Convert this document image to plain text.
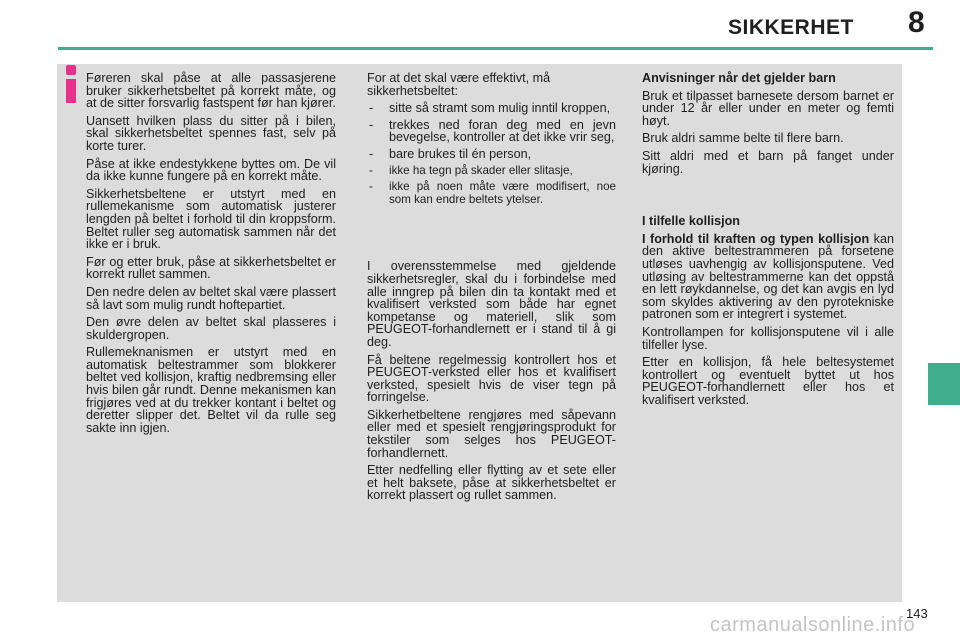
SIKKERHET 8

Føreren skal påse at alle passasjerene bruker sikkerhetsbeltet på korrekt måte, og at de sitter forsvarlig fastspent før han kjører.

Uansett hvilken plass du sitter på i bilen, skal sikkerhetsbeltet spennes fast, selv på korte turer.

Påse at ikke endestykkene byttes om. De vil da ikke kunne fungere på en korrekt måte.

Sikkerhetsbeltene er utstyrt med en rullemekanisme som automatisk justerer lengden på beltet i forhold til din kroppsform. Beltet ruller seg automatisk sammen når det ikke er i bruk.

Før og etter bruk, påse at sikkerhetsbeltet er korrekt rullet sammen.

Den nedre delen av beltet skal være plassert så lavt som mulig rundt hoftepartiet.

Den øvre delen av beltet skal plasseres i skuldergropen.

Rullemeknanismen er utstyrt med en automatisk beltestrammer som blokkerer beltet ved kollisjon, kraftig nedbremsing eller hvis bilen går rundt. Denne mekanismen kan frigjøres ved at du trekker kontant i beltet og deretter slipper det. Beltet vil da rulle seg sakte inn igjen.

For at det skal være effektivt, må sikkerhetsbeltet:

- sitte så stramt som mulig inntil kroppen,
- trekkes ned foran deg med en jevn bevegelse, kontroller at det ikke vrir seg,
- bare brukes til én person,
- ikke ha tegn på skader eller slitasje,
- ikke på noen måte være modifisert, noe som kan endre beltets ytelser.

I overensstemmelse med gjeldende sikkerhetsregler, skal du i forbindelse med alle inngrep på bilen din ta kontakt med et kvalifisert verksted som både har egnet kompetanse og materiell, slik som PEUGEOT-forhandlernett er i stand til å gi deg.

Få beltene regelmessig kontrollert hos et PEUGEOT-verksted eller hos et kvalifisert verksted, spesielt hvis de viser tegn på forringelse.

Sikkerhetbeltene rengjøres med såpevann eller med et spesielt rengjøringsprodukt for tekstiler som selges hos PEUGEOT-forhandlernett.

Etter nedfelling eller flytting av et sete eller et helt baksete, påse at sikkerhetsbeltet er korrekt plassert og rullet sammen.

Anvisninger når det gjelder barn

Bruk et tilpasset barnesete dersom barnet er under 12 år eller under en meter og femti høyt.

Bruk aldri samme belte til flere barn.

Sitt aldri med et barn på fanget under kjøring.

I tilfelle kollisjon

I forhold til kraften og typen kollisjon kan den aktive beltestrammeren på forsetene utløses uavhengig av kollisjonsputene. Ved utløsing av beltestrammerne kan det oppstå en lett røykdannelse, og det kan avgis en lyd som skyldes aktivering av den pyrotekniske patronen som er integrert i systemet.

Kontrollampen for kollisjonsputene vil i alle tilfeller lyse.

Etter en kollisjon, få hele beltesystemet kontrollert og eventuelt byttet ut hos PEUGEOT-forhandlernett eller hos et kvalifisert verksted.

143
carmanualsonline.info
